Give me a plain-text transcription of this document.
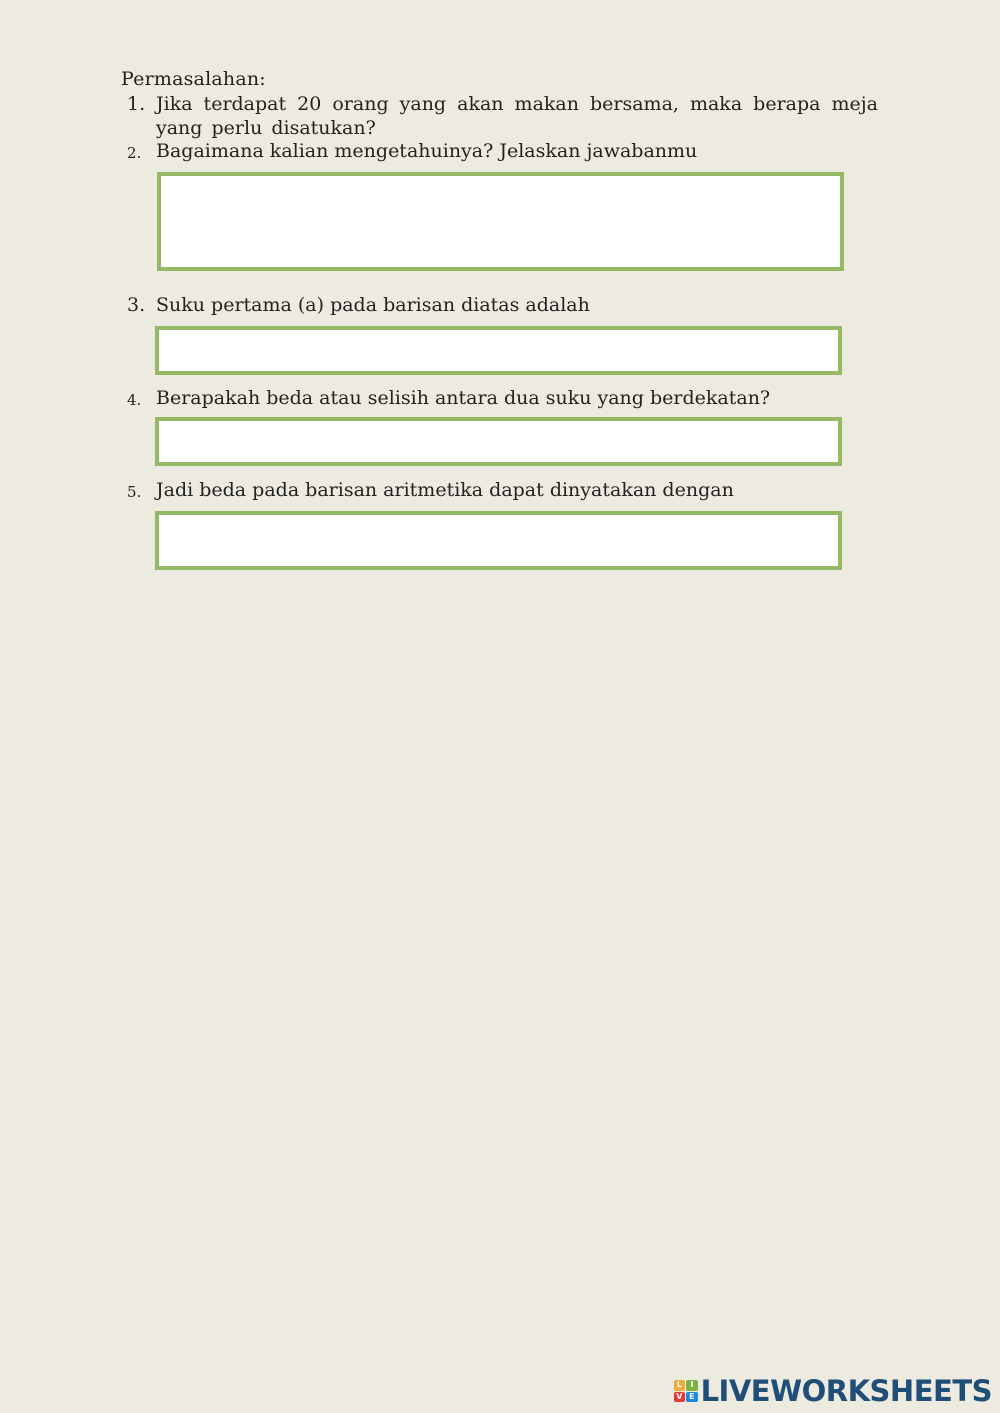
Permasalahan:
1. Jika terdapat 20 orang yang akan makan bersama, maka berapa meja
yang perlu disatukan?
2. Bagaimana kalian mengetahuinya? Jelaskan jawabanmu
3. Suku pertama (a) pada barisan diatas adalah
4. Berapakah beda atau selisih antara dua suku yang berdekatan?
5. Jadi beda pada barisan aritmetika dapat dinyatakan dengan
L	I
V E LIVEWORKSHEETS
